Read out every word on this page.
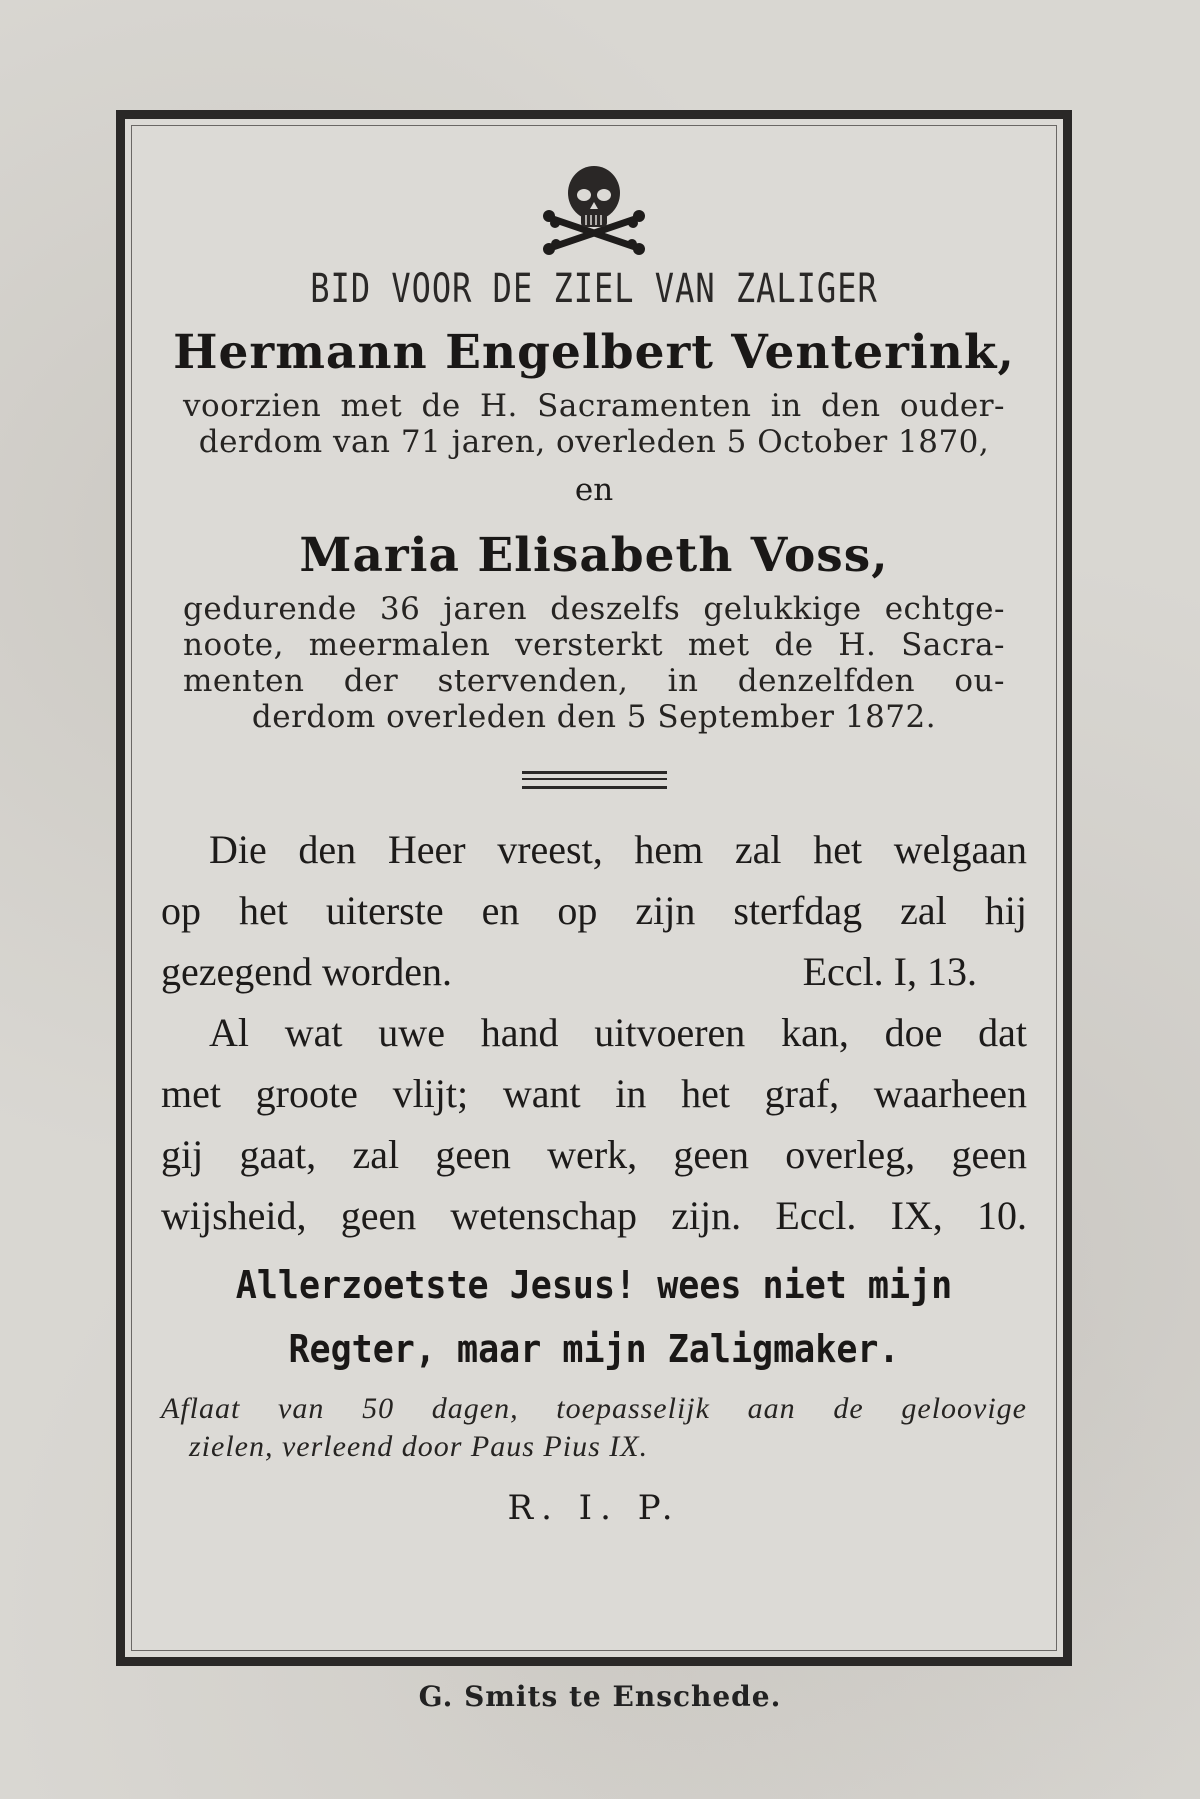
BID VOOR DE ZIEL VAN ZALIGER
Hermann Engelbert Venterink,
voorzien met de H. Sacramenten in den ouder-
derdom van 71 jaren, overleden 5 October 1870,
en
Maria Elisabeth Voss,
gedurende 36 jaren deszelfs gelukkige echtge-
noote, meermalen versterkt met de H. Sacra-
menten der stervenden, in denzelfden ou-
derdom overleden den 5 September 1872.
Die den Heer vreest, hem zal het welgaan
op het uiterste en op zijn sterfdag zal hij
gezegend worden.	Eccl. I, 13.
Al wat uwe hand uitvoeren kan, doe dat
met groote vlijt; want in het graf, waarheen
gij gaat, zal geen werk, geen overleg, geen
wijsheid, geen wetenschap zijn. Eccl. IX, 10.
Allerzoetste Jesus! wees niet mijn
Regter, maar mijn Zaligmaker.
Aflaat van 50 dagen, toepasselijk aan de geloovige
zielen, verleend door Paus Pius IX.
R. I. P.
G. Smits te Enschede.
